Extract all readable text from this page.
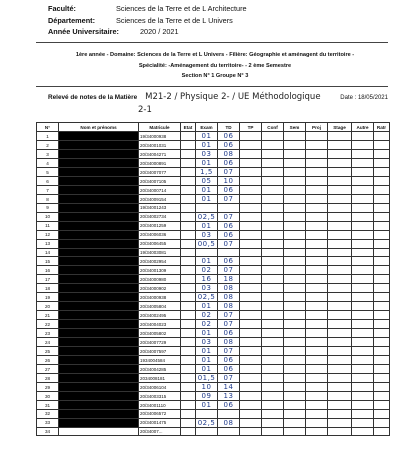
Faculté:	Sciences de la Terre et de L Architecture
Département:	Sciences de la Terre et de L Univers
Année Universitaire:	2020 / 2021
1ère année - Domaine: Sciences de la Terre et L Univers - Filière: Géographie et aménagent du territoire -
Spécialité: -Aménagement du territoire- - 2 ème Semestre
Section N° 1 Groupe N° 3
Relevé de notes de la Matière M21-2 / Physique 2- / UE Méthodologique	Date : 18/05/2021
2-1
N°	Nom et prénoms	Matricule	Etat	Exam	TD	TP	Conf	Sem	Proj	Stage	Autre	Ratr
1		19/34000938		01	06							
2		20/34001031		01	06							
3		20/34004271		03	08							
4		20/34000891		01	06							
5		20/34007077		1,5	07							
6		20/34007105		05	10							
7		20/34000714		01	06							
8		20/34009154		01	07							
9		19/34001243										
10		20/34002734		02,5	07							
11		20/34001259		01	06							
12		20/34006036		03	06							
13		20/34006455		00,5	07							
14		19/34003081										
15		20/34002954		01	06							
16		20/34001309		02	07							
17		20/34000980		16	18							
18		20/34000902		03	08							
19		20/34000938		02,5	08							
20		20/34005804		01	08							
21		20/34002495		02	07							
22		20/34004023		02	07							
23		20/34005802		01	06							
24		20/34007729		03	08							
25		20/34007597		01	07							
26		1934004584		01	06							
27		20/34004285		01	06							
28		2034008181		01,5	07							
29		20/34006104		10	14							
30		20/34003315		09	13							
31		20/34001110		01	06							
32		20/34006572										
33		20/34001475		02,5	08							
34		20/34007...										
